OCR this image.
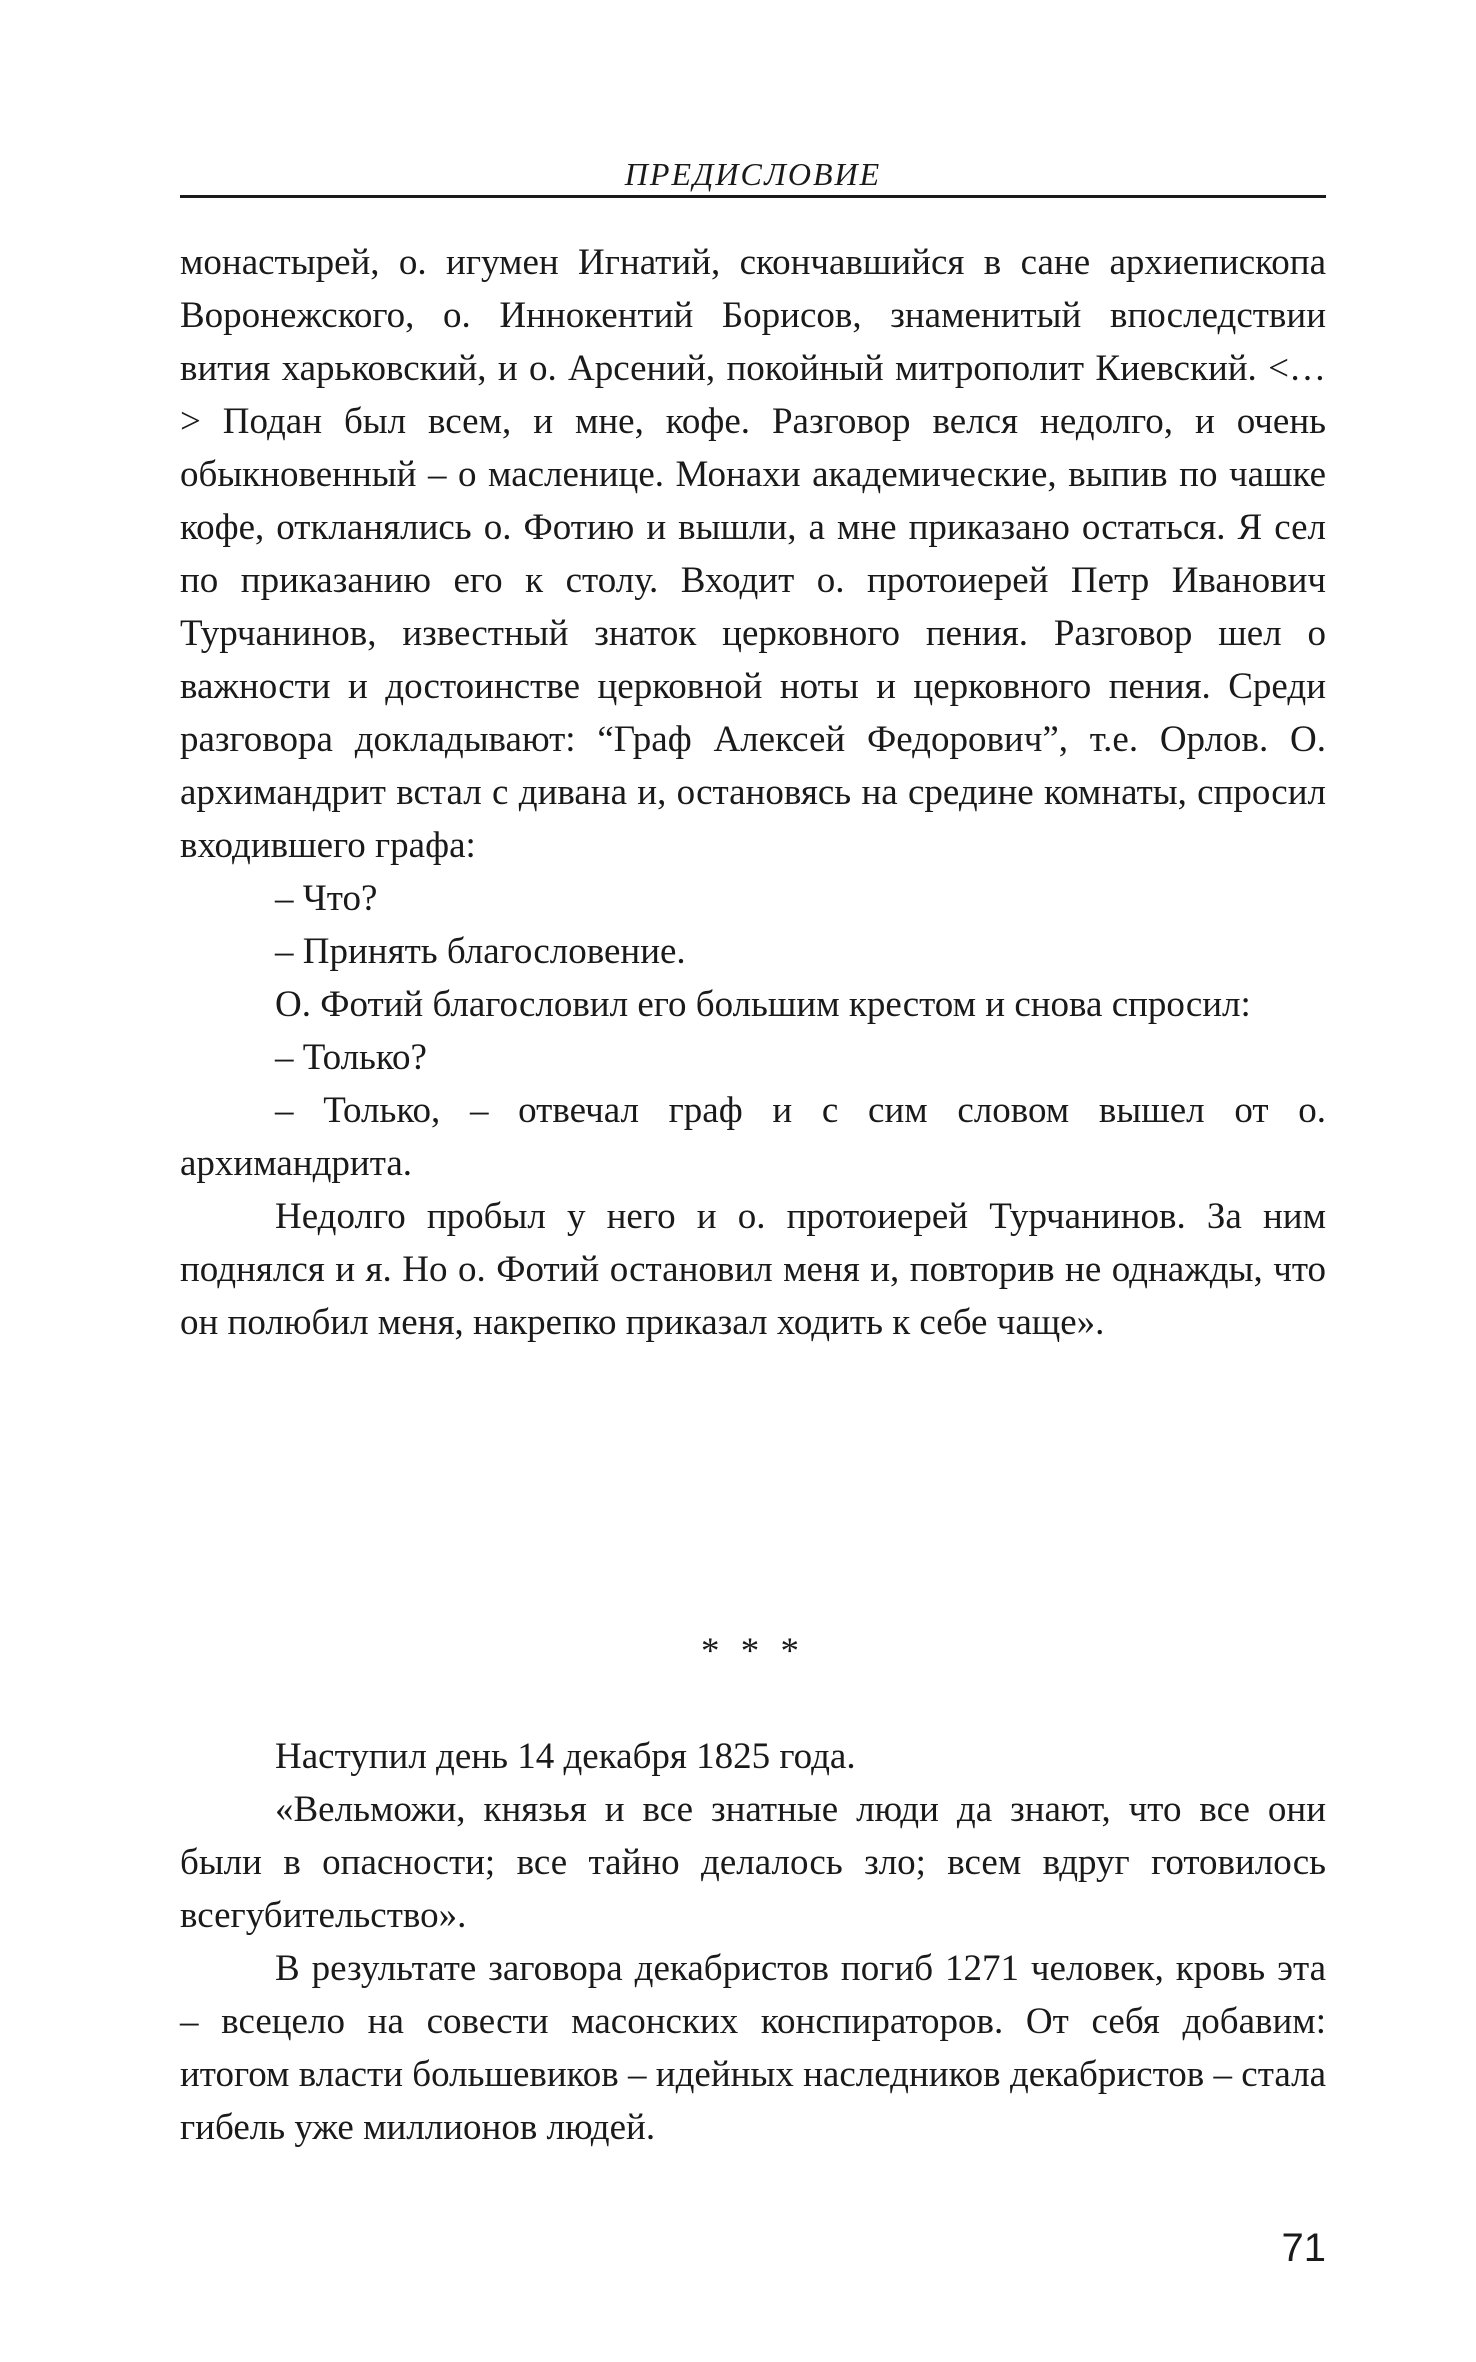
ПРЕДИСЛОВИЕ

монастырей, о. игумен Игнатий, скончавшийся в сане архиепископа Воронежского, о. Иннокентий Борисов, знаменитый впоследствии вития харьковский, и о. Арсений, покойный митрополит Киевский. <…> Подан был всем, и мне, кофе. Разговор велся недолго, и очень обыкновенный – о масленице. Монахи академические, выпив по чашке кофе, откланялись о. Фотию и вышли, а мне приказано остаться. Я сел по приказанию его к столу. Входит о. протоиерей Петр Иванович Турчанинов, известный знаток церковного пения. Разговор шел о важности и достоинстве церковной ноты и церковного пения. Среди разговора докладывают: “Граф Алексей Федорович”, т.е. Орлов. О. архимандрит встал с дивана и, остановясь на средине комнаты, спросил входившего графа:

– Что?

– Принять благословение.

О. Фотий благословил его большим крестом и снова спросил:

– Только?

– Только, – отвечал граф и с сим словом вышел от о. архимандрита.

Недолго пробыл у него и о. протоиерей Турчанинов. За ним поднялся и я. Но о. Фотий остановил меня и, повторив не однажды, что он полюбил меня, накрепко приказал ходить к себе чаще».

* * *

Наступил день 14 декабря 1825 года.

«Вельможи, князья и все знатные люди да знают, что все они были в опасности; все тайно делалось зло; всем вдруг готовилось всегубительство».

В результате заговора декабристов погиб 1271 человек, кровь эта – всецело на совести масонских конспираторов. От себя добавим: итогом власти большевиков – идейных наследников декабристов – стала гибель уже миллионов людей.

71
